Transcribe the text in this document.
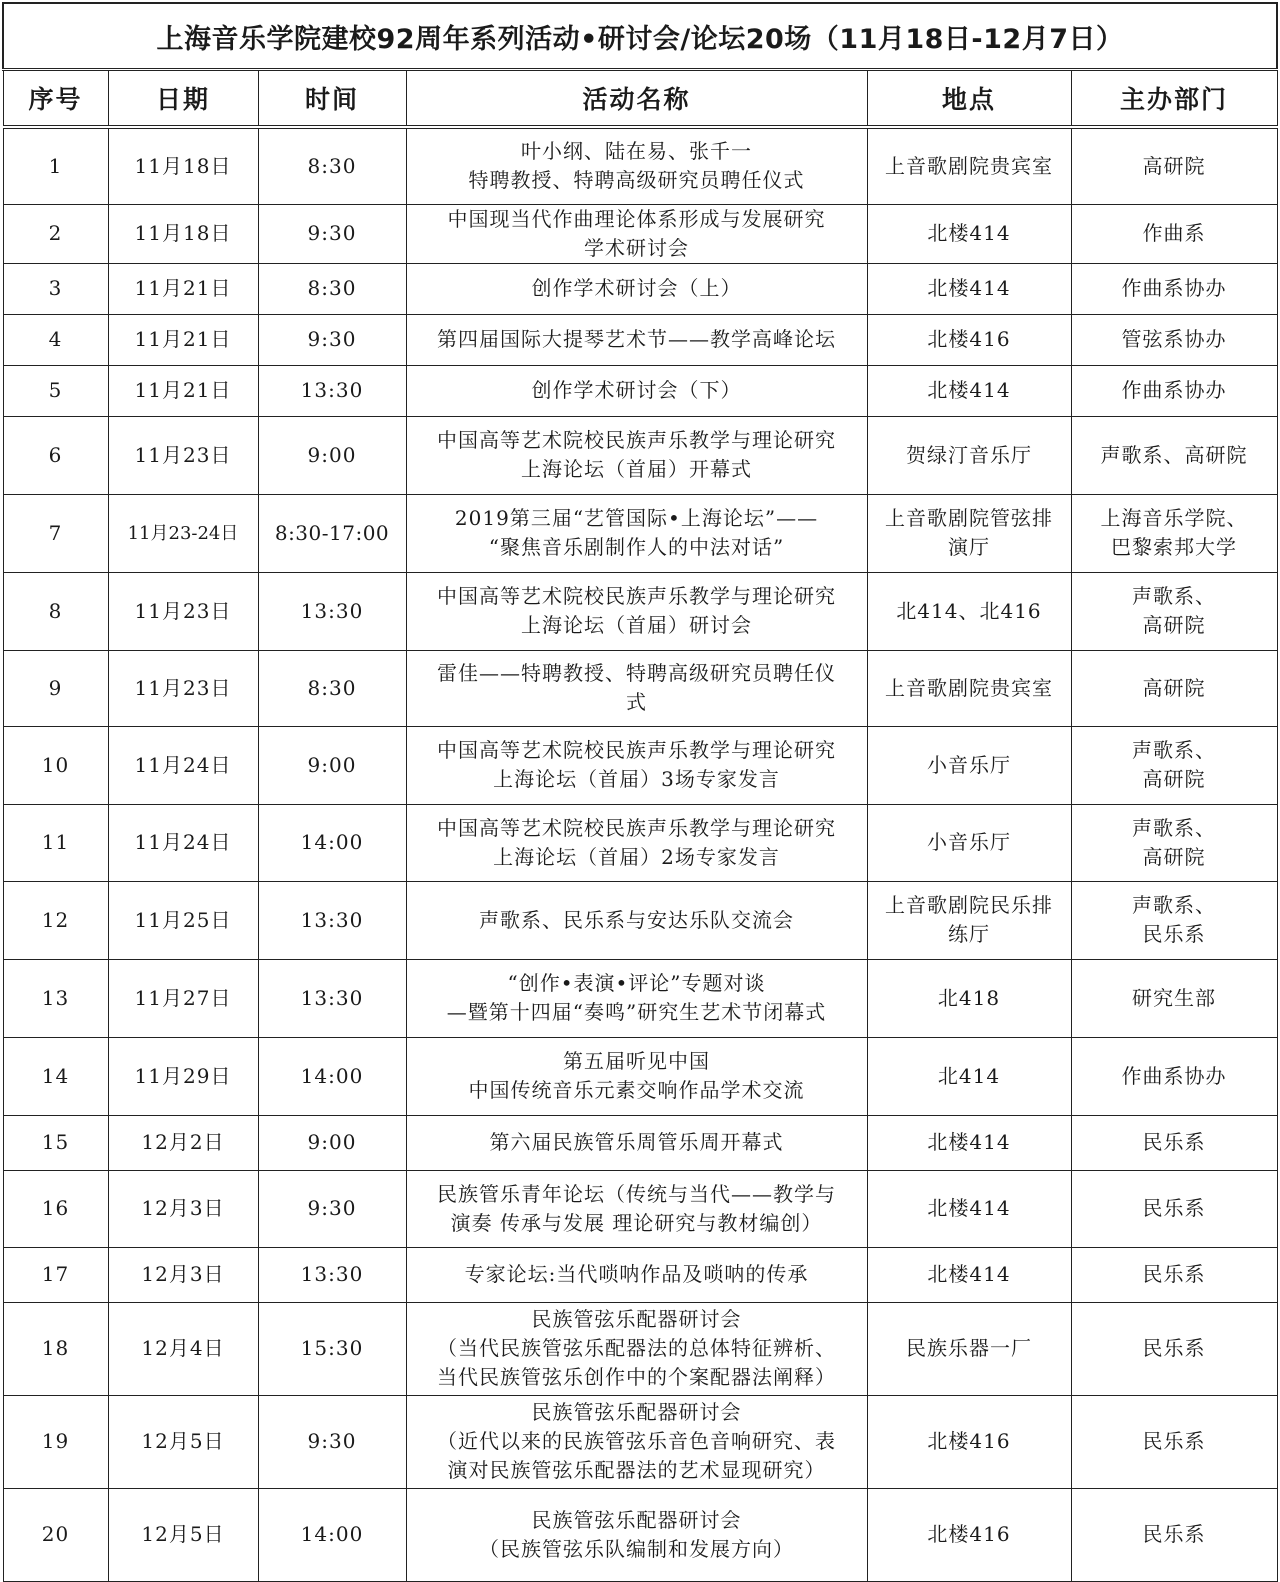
上海音乐学院建校92周年系列活动•研讨会/论坛20场（11月18日-12月7日）					
序号	日期	时间	活动名称	地点	主办部门
1	11月18日	8:30	叶小纲、陆在易、张千一
特聘教授、特聘高级研究员聘任仪式	上音歌剧院贵宾室	高研院

2	11月18日	9:30	中国现当代作曲理论体系形成与发展研究
学术研讨会	北楼414	作曲系

3	11月21日	8:30	创作学术研讨会（上）	北楼414	作曲系协办

4	11月21日	9:30	第四届国际大提琴艺术节——教学高峰论坛	北楼416	管弦系协办

5	11月21日	13:30	创作学术研讨会（下）	北楼414	作曲系协办

6	11月23日	9:00	中国高等艺术院校民族声乐教学与理论研究
上海论坛（首届）开幕式	贺绿汀音乐厅	声歌系、高研院

7	11月23-24日	8:30-17:00	2019第三届“艺管国际•上海论坛”——
“聚焦音乐剧制作人的中法对话”	上音歌剧院管弦排
演厅	上海音乐学院、
巴黎索邦大学

8	11月23日	13:30	中国高等艺术院校民族声乐教学与理论研究
上海论坛（首届）研讨会	北414、北416	声歌系、
高研院

9	11月23日	8:30	雷佳——特聘教授、特聘高级研究员聘任仪
式	上音歌剧院贵宾室	高研院

10	11月24日	9:00	中国高等艺术院校民族声乐教学与理论研究
上海论坛（首届）3场专家发言	小音乐厅	声歌系、
高研院

11	11月24日	14:00	中国高等艺术院校民族声乐教学与理论研究
上海论坛（首届）2场专家发言	小音乐厅	声歌系、
高研院

12	11月25日	13:30	声歌系、民乐系与安达乐队交流会	上音歌剧院民乐排
练厅	声歌系、
民乐系

13	11月27日	13:30	“创作•表演•评论”专题对谈
—暨第十四届“奏鸣”研究生艺术节闭幕式	北418	研究生部

14	11月29日	14:00	第五届听见中国
中国传统音乐元素交响作品学术交流	北414	作曲系协办

15	12月2日	9:00	第六届民族管乐周管乐周开幕式	北楼414	民乐系

16	12月3日	9:30	民族管乐青年论坛（传统与当代——教学与
演奏 传承与发展 理论研究与教材编创）	北楼414	民乐系

17	12月3日	13:30	专家论坛:当代唢呐作品及唢呐的传承	北楼414	民乐系

18	12月4日	15:30	民族管弦乐配器研讨会
（当代民族管弦乐配器法的总体特征辨析、
当代民族管弦乐创作中的个案配器法阐释）	民族乐器一厂	民乐系

19	12月5日	9:30	民族管弦乐配器研讨会
（近代以来的民族管弦乐音色音响研究、表
演对民族管弦乐配器法的艺术显现研究）	北楼416	民乐系

20	12月5日	14:00	民族管弦乐配器研讨会
（民族管弦乐队编制和发展方向）	北楼416	民乐系
